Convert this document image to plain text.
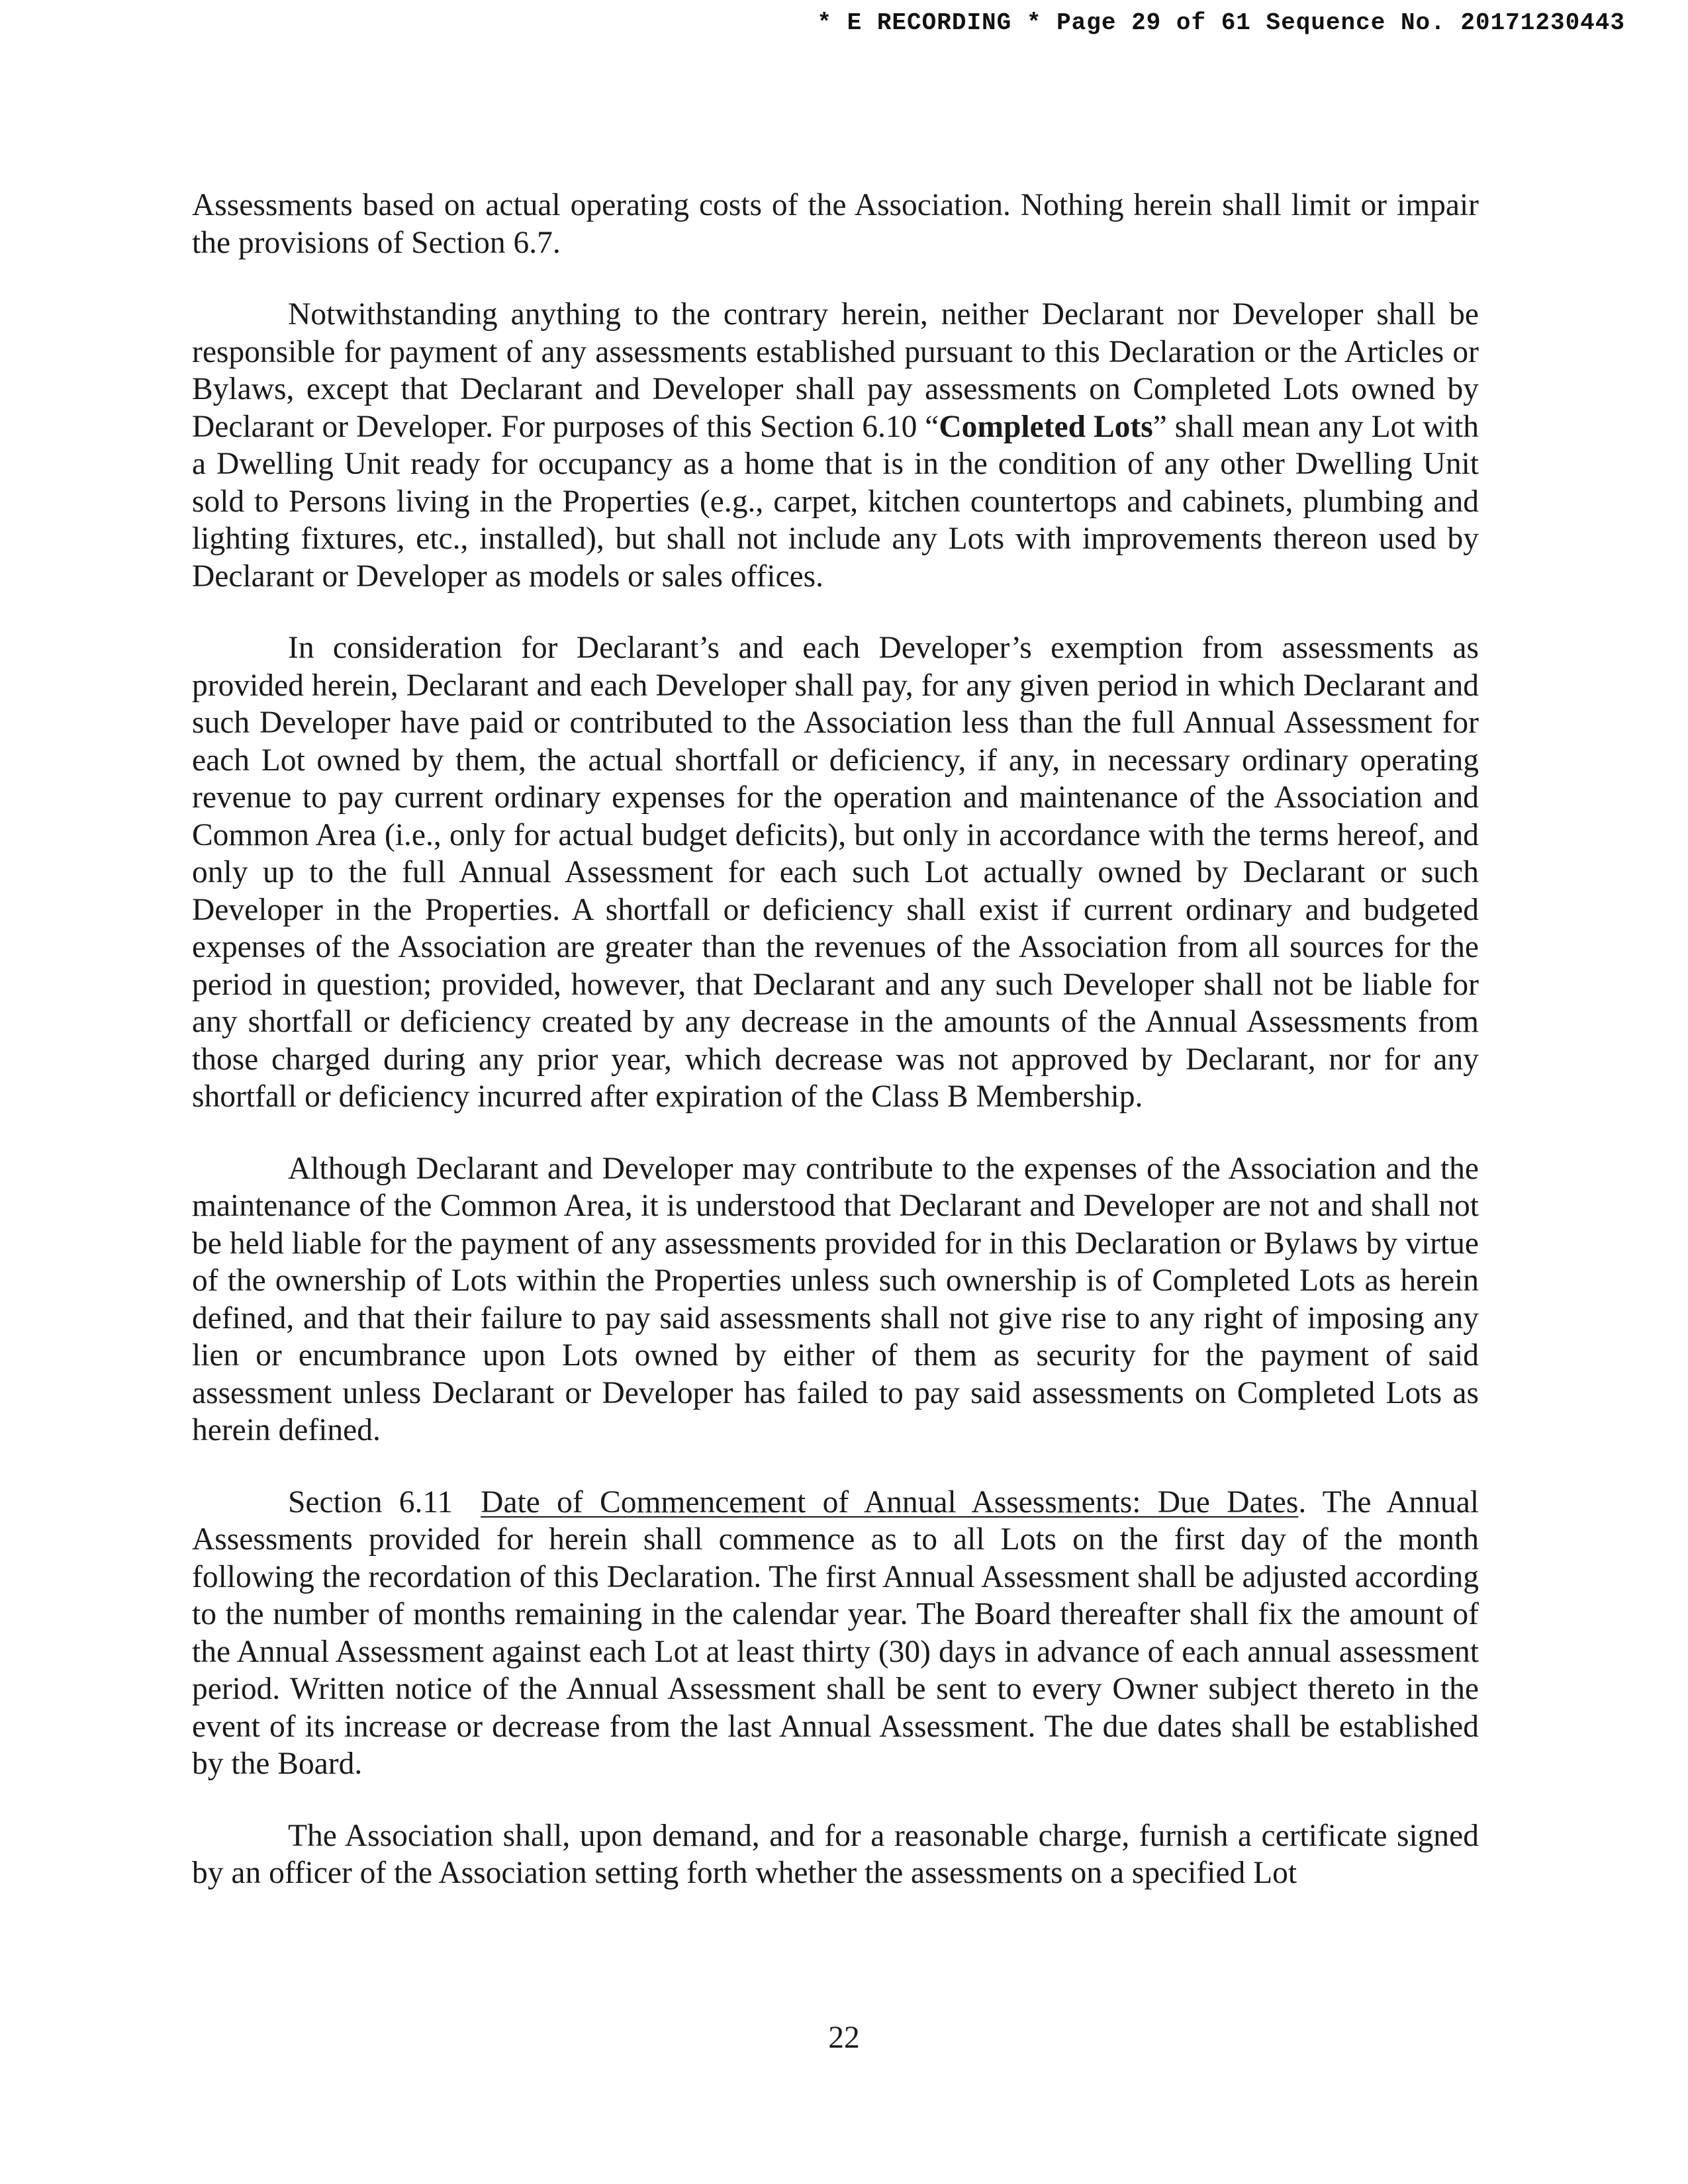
* E RECORDING * Page 29 of 61 Sequence No. 20171230443

Assessments based on actual operating costs of the Association. Nothing herein shall limit or impair the provisions of Section 6.7.

Notwithstanding anything to the contrary herein, neither Declarant nor Developer shall be responsible for payment of any assessments established pursuant to this Declaration or the Articles or Bylaws, except that Declarant and Developer shall pay assessments on Completed Lots owned by Declarant or Developer. For purposes of this Section 6.10 “Completed Lots” shall mean any Lot with a Dwelling Unit ready for occupancy as a home that is in the condition of any other Dwelling Unit sold to Persons living in the Properties (e.g., carpet, kitchen countertops and cabinets, plumbing and lighting fixtures, etc., installed), but shall not include any Lots with improvements thereon used by Declarant or Developer as models or sales offices.

In consideration for Declarant’s and each Developer’s exemption from assessments as provided herein, Declarant and each Developer shall pay, for any given period in which Declarant and such Developer have paid or contributed to the Association less than the full Annual Assessment for each Lot owned by them, the actual shortfall or deficiency, if any, in necessary ordinary operating revenue to pay current ordinary expenses for the operation and maintenance of the Association and Common Area (i.e., only for actual budget deficits), but only in accordance with the terms hereof, and only up to the full Annual Assessment for each such Lot actually owned by Declarant or such Developer in the Properties. A shortfall or deficiency shall exist if current ordinary and budgeted expenses of the Association are greater than the revenues of the Association from all sources for the period in question; provided, however, that Declarant and any such Developer shall not be liable for any shortfall or deficiency created by any decrease in the amounts of the Annual Assessments from those charged during any prior year, which decrease was not approved by Declarant, nor for any shortfall or deficiency incurred after expiration of the Class B Membership.

Although Declarant and Developer may contribute to the expenses of the Association and the maintenance of the Common Area, it is understood that Declarant and Developer are not and shall not be held liable for the payment of any assessments provided for in this Declaration or Bylaws by virtue of the ownership of Lots within the Properties unless such ownership is of Completed Lots as herein defined, and that their failure to pay said assessments shall not give rise to any right of imposing any lien or encumbrance upon Lots owned by either of them as security for the payment of said assessment unless Declarant or Developer has failed to pay said assessments on Completed Lots as herein defined.

Section 6.11 Date of Commencement of Annual Assessments: Due Dates. The Annual Assessments provided for herein shall commence as to all Lots on the first day of the month following the recordation of this Declaration. The first Annual Assessment shall be adjusted according to the number of months remaining in the calendar year. The Board thereafter shall fix the amount of the Annual Assessment against each Lot at least thirty (30) days in advance of each annual assessment period. Written notice of the Annual Assessment shall be sent to every Owner subject thereto in the event of its increase or decrease from the last Annual Assessment. The due dates shall be established by the Board.

The Association shall, upon demand, and for a reasonable charge, furnish a certificate signed by an officer of the Association setting forth whether the assessments on a specified Lot

22
